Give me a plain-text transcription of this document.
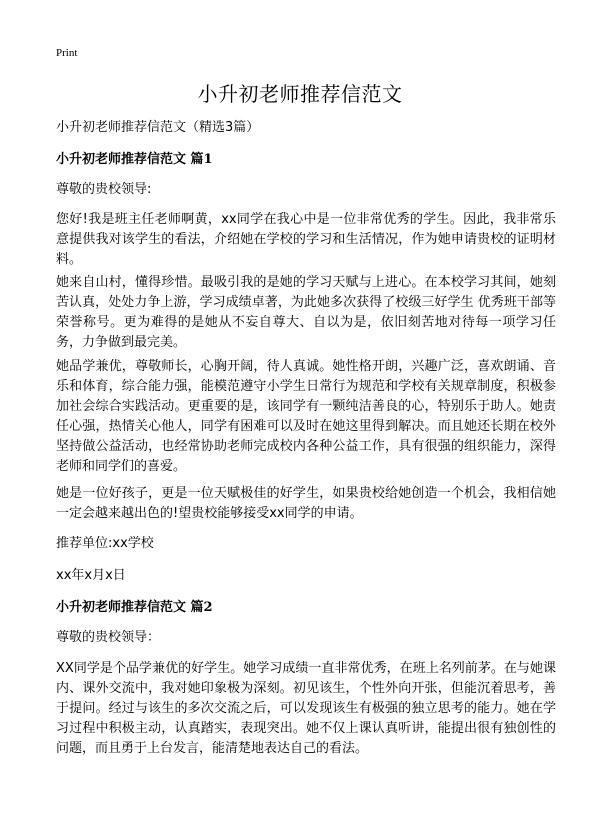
Print
小升初老师推荐信范文
小升初老师推荐信范文（精选3篇）
小升初老师推荐信范文 篇1
尊敬的贵校领导:
您好!我是班主任老师啊黄，xx同学在我心中是一位非常优秀的学生。因此，我非常乐意提供我对该学生的看法，介绍她在学校的学习和生活情况，作为她申请贵校的证明材料。
她来自山村，懂得珍惜。最吸引我的是她的学习天赋与上进心。在本校学习其间，她刻苦认真，处处力争上游，学习成绩卓著，为此她多次获得了校级三好学生 优秀班干部等荣誉称号。更为难得的是她从不妄自尊大、自以为是，依旧刻苦地对待每一项学习任务，力争做到最完美。
她品学兼优，尊敬师长，心胸开阔，待人真诚。她性格开朗，兴趣广泛，喜欢朗诵、音乐和体育，综合能力强，能模范遵守小学生日常行为规范和学校有关规章制度，积极参加社会综合实践活动。更重要的是，该同学有一颗纯洁善良的心，特别乐于助人。她责任心强，热情关心他人，同学有困难可以及时在她这里得到解决。而且她还长期在校外坚持做公益活动，也经常协助老师完成校内各种公益工作，具有很强的组织能力，深得老师和同学们的喜爱。
她是一位好孩子，更是一位天赋极佳的好学生，如果贵校给她创造一个机会，我相信她一定会越来越出色的!望贵校能够接受xx同学的申请。
推荐单位:xx学校
xx年x月x日
小升初老师推荐信范文 篇2
尊敬的贵校领导：
XX同学是个品学兼优的好学生。她学习成绩一直非常优秀，在班上名列前茅。在与她课内、课外交流中，我对她印象极为深刻。初见该生，个性外向开张，但能沉着思考，善于提问。经过与该生的多次交流之后，可以发现该生有极强的独立思考的能力。她在学习过程中积极主动，认真踏实，表现突出。她不仅上课认真听讲，能提出很有独创性的问题，而且勇于上台发言，能清楚地表达自己的看法。
